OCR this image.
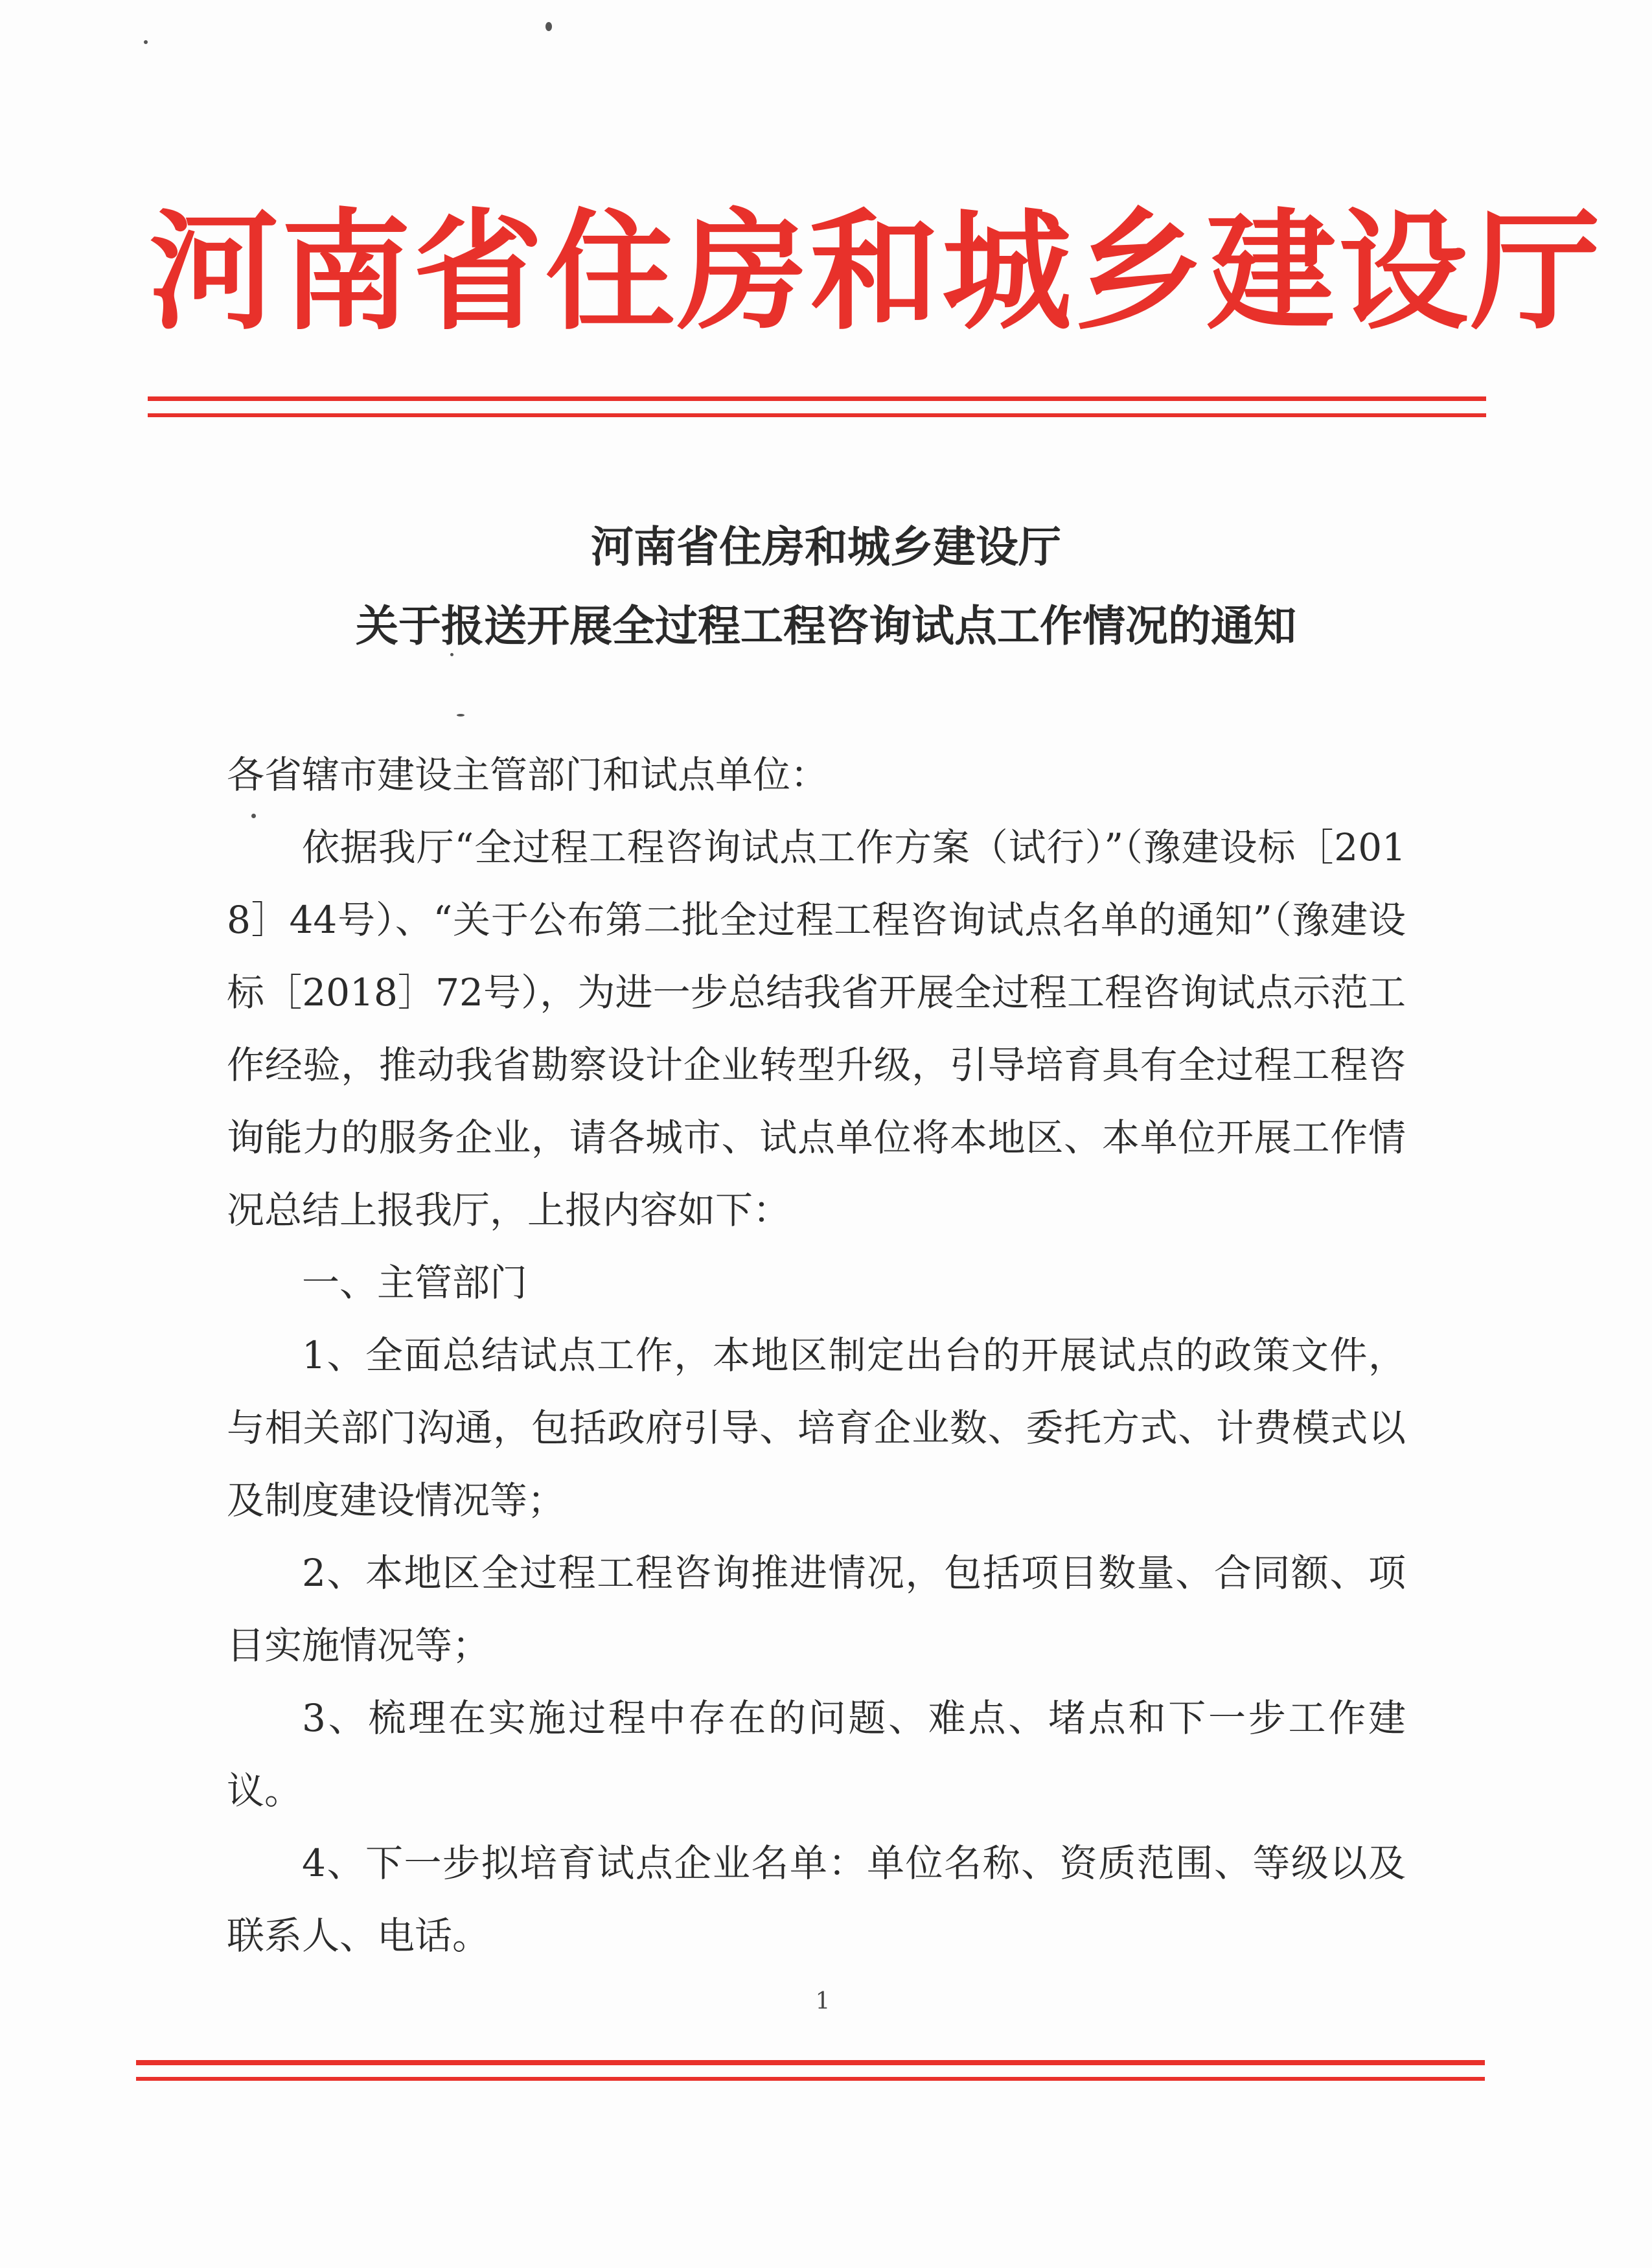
河南省住房和城乡建设厅
河南省住房和城乡建设厅
关于报送开展全过程工程咨询试点工作情况的通知

各省辖市建设主管部门和试点单位：

依据我厅“全过程工程咨询试点工作方案（试行）”（豫建设标［2018］44号）、“关于公布第二批全过程工程咨询试点名单的通知”（豫建设标［2018］72号），为进一步总结我省开展全过程工程咨询试点示范工作经验，推动我省勘察设计企业转型升级，引导培育具有全过程工程咨询能力的服务企业，请各城市、试点单位将本地区、本单位开展工作情况总结上报我厅，上报内容如下：

一、主管部门

1、全面总结试点工作，本地区制定出台的开展试点的政策文件，与相关部门沟通，包括政府引导、培育企业数、委托方式、计费模式以及制度建设情况等；

2、本地区全过程工程咨询推进情况，包括项目数量、合同额、项目实施情况等；

3、梳理在实施过程中存在的问题、难点、堵点和下一步工作建议。

4、下一步拟培育试点企业名单：单位名称、资质范围、等级以及联系人、电话。

1
